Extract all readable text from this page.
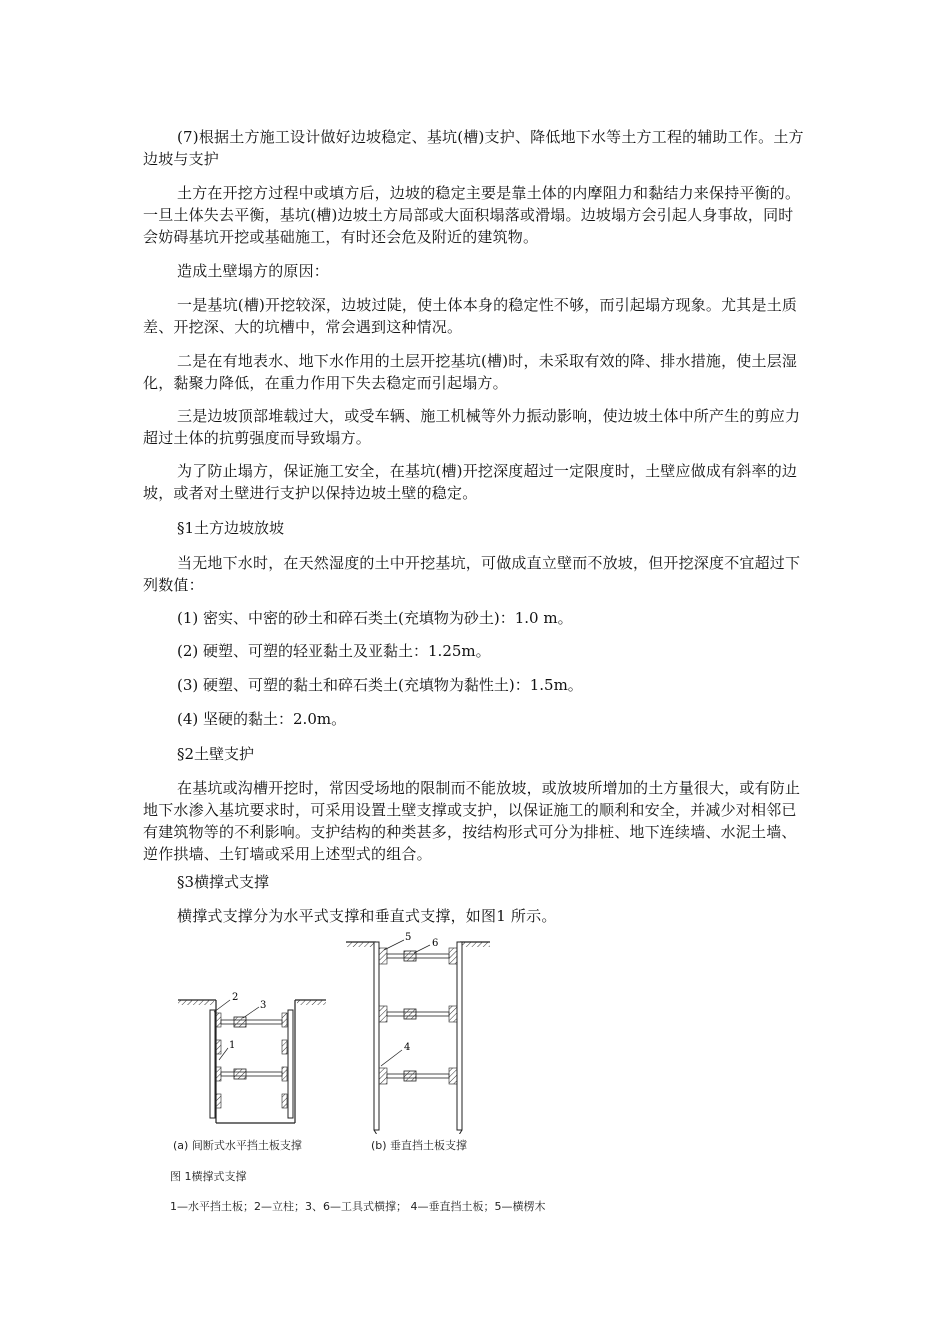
(7)根据土方施工设计做好边坡稳定、基坑(槽)支护、降低地下水等土方工程的辅助工作。土方边坡与支护

土方在开挖方过程中或填方后，边坡的稳定主要是靠土体的内摩阻力和黏结力来保持平衡的。一旦土体失去平衡，基坑(槽)边坡土方局部或大面积塌落或滑塌。边坡塌方会引起人身事故，同时会妨碍基坑开挖或基础施工，有时还会危及附近的建筑物。

造成土壁塌方的原因：

一是基坑(槽)开挖较深，边坡过陡，使土体本身的稳定性不够，而引起塌方现象。尤其是土质差、开挖深、大的坑槽中，常会遇到这种情况。

二是在有地表水、地下水作用的土层开挖基坑(槽)时，未采取有效的降、排水措施，使土层湿化，黏聚力降低，在重力作用下失去稳定而引起塌方。

三是边坡顶部堆载过大，或受车辆、施工机械等外力振动影响，使边坡土体中所产生的剪应力超过土体的抗剪强度而导致塌方。

为了防止塌方，保证施工安全，在基坑(槽)开挖深度超过一定限度时，土壁应做成有斜率的边坡，或者对土壁进行支护以保持边坡土壁的稳定。

§1土方边坡放坡

当无地下水时，在天然湿度的土中开挖基坑，可做成直立壁而不放坡，但开挖深度不宜超过下列数值：

(1) 密实、中密的砂土和碎石类土(充填物为砂土)：1.0 m。

(2) 硬塑、可塑的轻亚黏土及亚黏土：1.25m。

(3) 硬塑、可塑的黏土和碎石类土(充填物为黏性土)：1.5m。

(4) 坚硬的黏土：2.0m。

§2土壁支护

在基坑或沟槽开挖时，常因受场地的限制而不能放坡，或放坡所增加的土方量很大，或有防止地下水渗入基坑要求时，可采用设置土壁支撑或支护，以保证施工的顺利和安全，并减少对相邻已有建筑物等的不利影响。支护结构的种类甚多，按结构形式可分为排桩、地下连续墙、水泥土墙、逆作拱墙、土钉墙或采用上述型式的组合。

§3横撑式支撑

横撑式支撑分为水平式支撑和垂直式支撑，如图1 所示。

2
3
1
5
6
4
(a) 间断式水平挡土板支撑	(b) 垂直挡土板支撑
图 1横撑式支撑
1—水平挡土板；2—立柱；3、6—工具式横撑； 4—垂直挡土板；5—横楞木
